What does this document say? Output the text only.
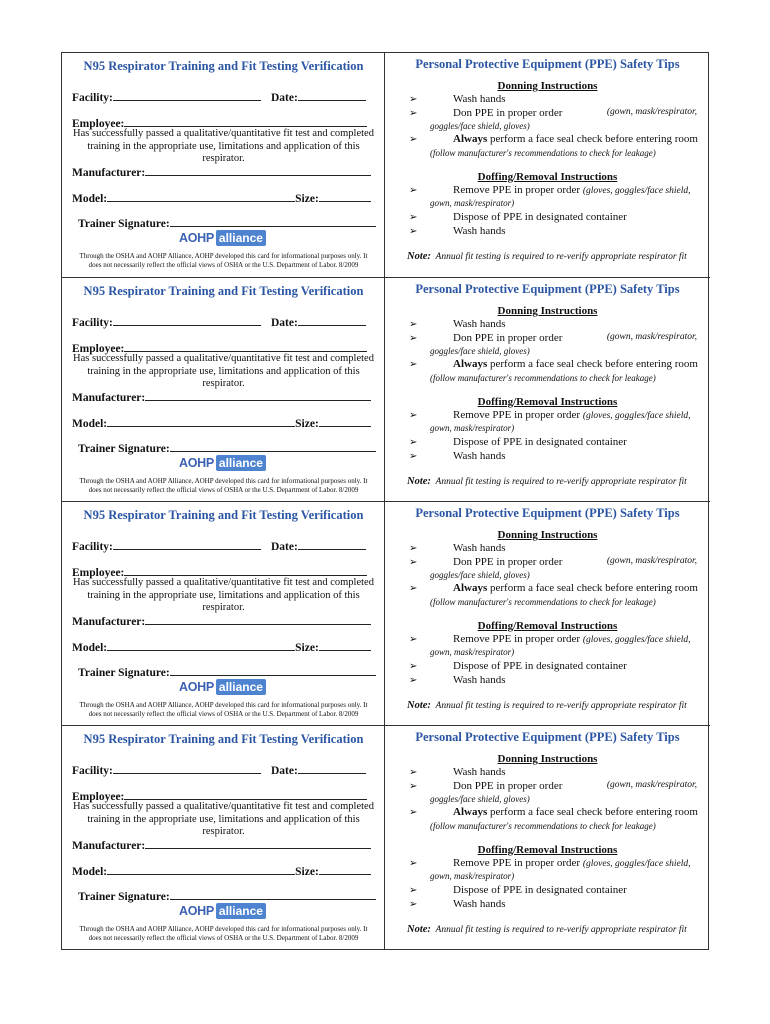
N95 Respirator Training and Fit Testing Verification
Facility:	Date:
Employee:
Has successfully passed a qualitative/quantitative fit test and completed
training in the appropriate use, limitations and application of this respirator.
Manufacturer:
Model:	Size:
Trainer Signature:
AOHP alliance
Through the OSHA and AOHP Alliance, AOHP developed this card for informational purposes only. It
does not necessarily reflect the official views of OSHA or the U.S. Department of Labor. 8/2009
Personal Protective Equipment (PPE) Safety Tips
Donning Instructions
➢	Wash hands
➢	Don PPE in proper order	(gown, mask/respirator,
goggles/face shield, gloves)
➢	Always perform a face seal check before entering room
(follow manufacturer's recommendations to check for leakage)
Doffing/Removal Instructions
➢	Remove PPE in proper order (gloves, goggles/face shield,
gown, mask/respirator)
➢	Dispose of PPE in designated container
➢	Wash hands
Note: Annual fit testing is required to re-verify appropriate respirator fit
N95 Respirator Training and Fit Testing Verification
Facility:	Date:
Employee:
Has successfully passed a qualitative/quantitative fit test and completed
training in the appropriate use, limitations and application of this respirator.
Manufacturer:
Model:	Size:
Trainer Signature:
AOHP alliance
Through the OSHA and AOHP Alliance, AOHP developed this card for informational purposes only. It
does not necessarily reflect the official views of OSHA or the U.S. Department of Labor. 8/2009
Personal Protective Equipment (PPE) Safety Tips
Donning Instructions
➢	Wash hands
➢	Don PPE in proper order	(gown, mask/respirator,
goggles/face shield, gloves)
➢	Always perform a face seal check before entering room
(follow manufacturer's recommendations to check for leakage)
Doffing/Removal Instructions
➢	Remove PPE in proper order (gloves, goggles/face shield,
gown, mask/respirator)
➢	Dispose of PPE in designated container
➢	Wash hands
Note: Annual fit testing is required to re-verify appropriate respirator fit
N95 Respirator Training and Fit Testing Verification
Facility:	Date:
Employee:
Has successfully passed a qualitative/quantitative fit test and completed
training in the appropriate use, limitations and application of this respirator.
Manufacturer:
Model:	Size:
Trainer Signature:
AOHP alliance
Through the OSHA and AOHP Alliance, AOHP developed this card for informational purposes only. It
does not necessarily reflect the official views of OSHA or the U.S. Department of Labor. 8/2009
Personal Protective Equipment (PPE) Safety Tips
Donning Instructions
➢	Wash hands
➢	Don PPE in proper order	(gown, mask/respirator,
goggles/face shield, gloves)
➢	Always perform a face seal check before entering room
(follow manufacturer's recommendations to check for leakage)
Doffing/Removal Instructions
➢	Remove PPE in proper order (gloves, goggles/face shield,
gown, mask/respirator)
➢	Dispose of PPE in designated container
➢	Wash hands
Note: Annual fit testing is required to re-verify appropriate respirator fit
N95 Respirator Training and Fit Testing Verification
Facility:	Date:
Employee:
Has successfully passed a qualitative/quantitative fit test and completed
training in the appropriate use, limitations and application of this respirator.
Manufacturer:
Model:	Size:
Trainer Signature:
AOHP alliance
Through the OSHA and AOHP Alliance, AOHP developed this card for informational purposes only. It
does not necessarily reflect the official views of OSHA or the U.S. Department of Labor. 8/2009
Personal Protective Equipment (PPE) Safety Tips
Donning Instructions
➢	Wash hands
➢	Don PPE in proper order	(gown, mask/respirator,
goggles/face shield, gloves)
➢	Always perform a face seal check before entering room
(follow manufacturer's recommendations to check for leakage)
Doffing/Removal Instructions
➢	Remove PPE in proper order (gloves, goggles/face shield,
gown, mask/respirator)
➢	Dispose of PPE in designated container
➢	Wash hands
Note: Annual fit testing is required to re-verify appropriate respirator fit
